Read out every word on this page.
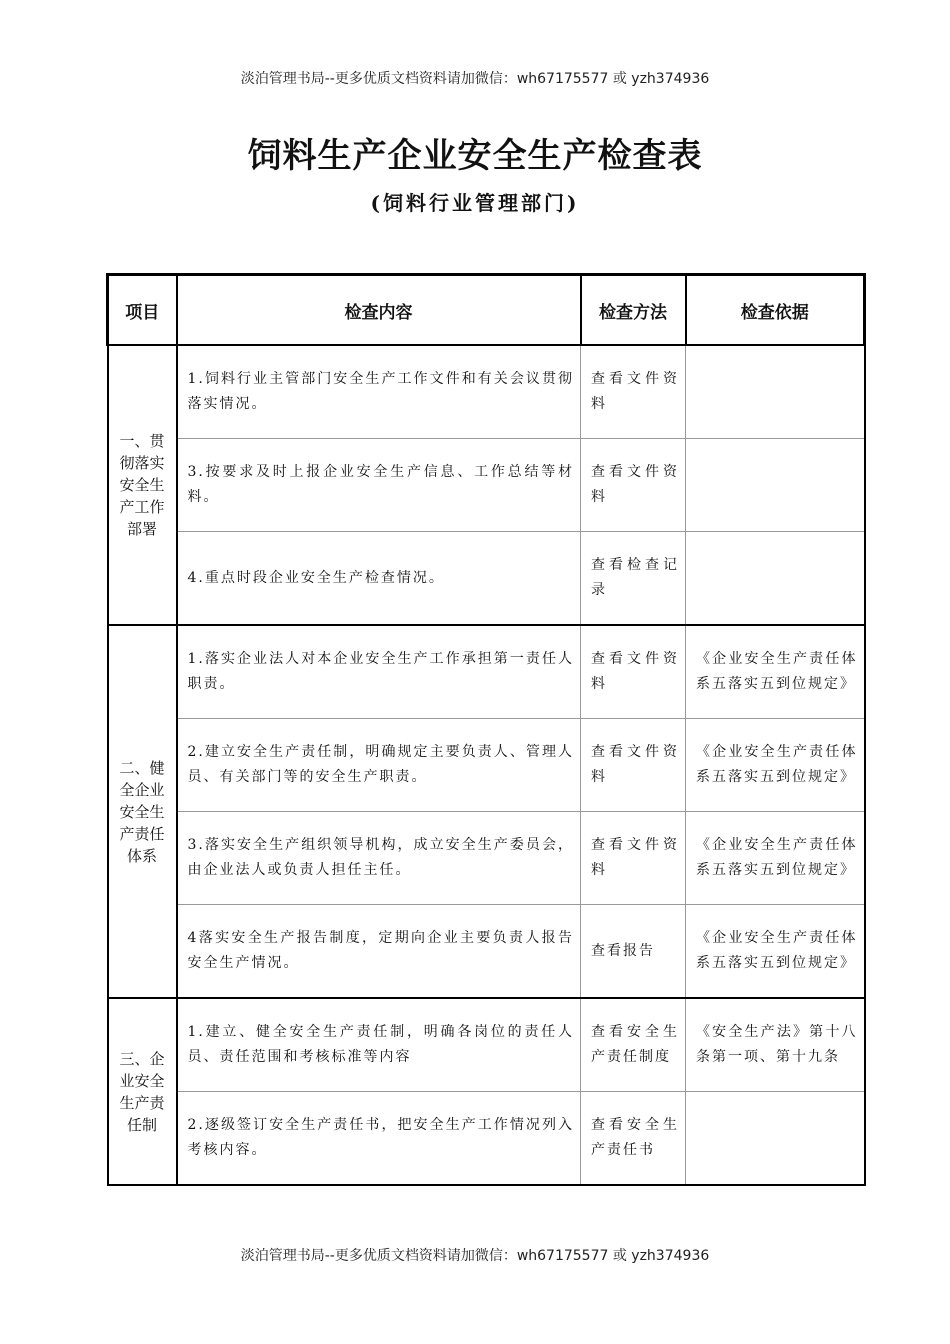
淡泊管理书局--更多优质文档资料请加微信：wh67175577 或 yzh374936
饲料生产企业安全生产检查表
(饲料行业管理部门)
项目	检查内容	检查方法	检查依据
一、贯彻落实安全生产工作部署	1.饲料行业主管部门安全生产工作文件和有关会议贯彻落实情况。	查看文件资料	
	3.按要求及时上报企业安全生产信息、工作总结等材料。	查看文件资料	
	4.重点时段企业安全生产检查情况。	查看检查记录	
二、健全企业安全生产责任体系	1.落实企业法人对本企业安全生产工作承担第一责任人职责。	查看文件资料	《企业安全生产责任体系五落实五到位规定》
	2.建立安全生产责任制，明确规定主要负责人、管理人员、有关部门等的安全生产职责。	查看文件资料	《企业安全生产责任体系五落实五到位规定》
	3.落实安全生产组织领导机构，成立安全生产委员会，由企业法人或负责人担任主任。	查看文件资料	《企业安全生产责任体系五落实五到位规定》
	4落实安全生产报告制度，定期向企业主要负责人报告安全生产情况。	查看报告	《企业安全生产责任体系五落实五到位规定》
三、企业安全生产责任制	1.建立、健全安全生产责任制，明确各岗位的责任人员、责任范围和考核标准等内容	查看安全生产责任制度	《安全生产法》第十八条第一项、第十九条
	2.逐级签订安全生产责任书，把安全生产工作情况列入考核内容。	查看安全生产责任书	
淡泊管理书局--更多优质文档资料请加微信：wh67175577 或 yzh374936
